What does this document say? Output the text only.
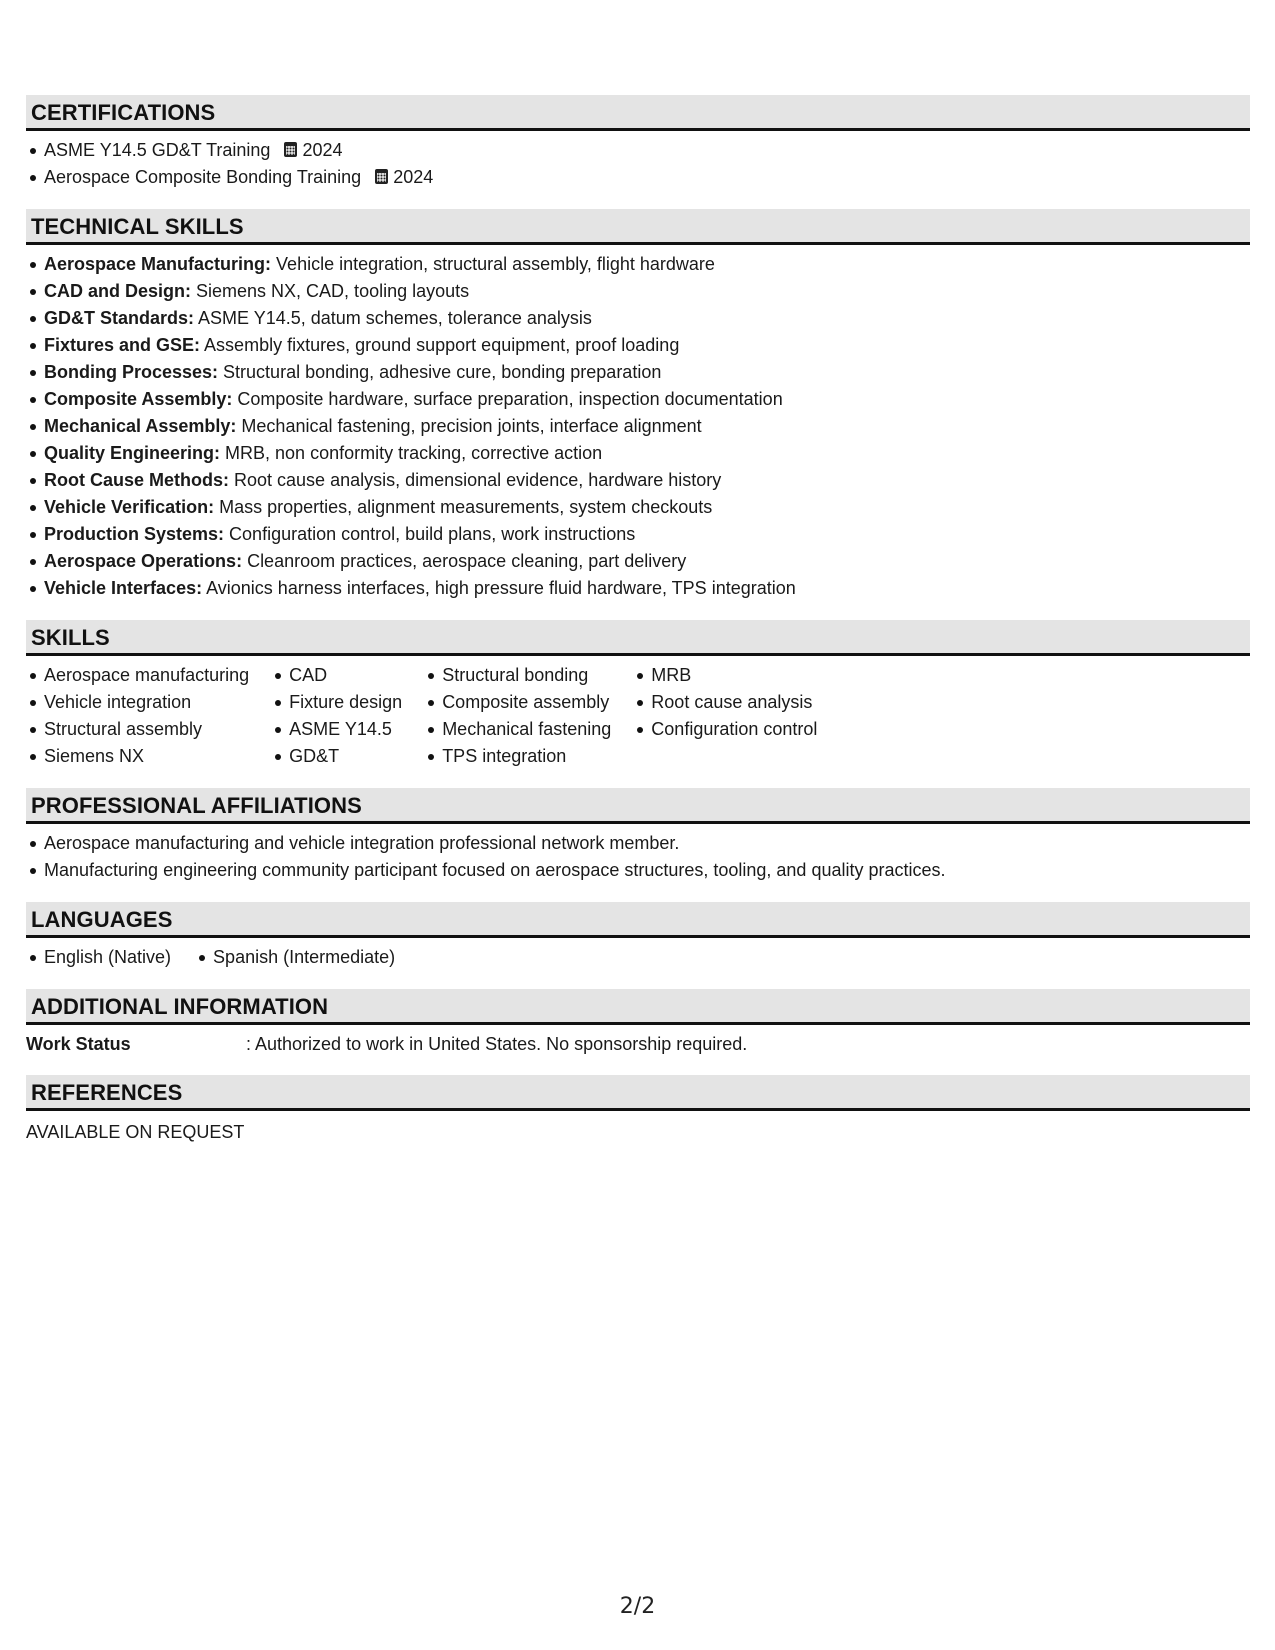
CERTIFICATIONS
ASME Y14.5 GD&T Training 2024
Aerospace Composite Bonding Training 2024
TECHNICAL SKILLS
Aerospace Manufacturing: Vehicle integration, structural assembly, flight hardware
CAD and Design: Siemens NX, CAD, tooling layouts
GD&T Standards: ASME Y14.5, datum schemes, tolerance analysis
Fixtures and GSE: Assembly fixtures, ground support equipment, proof loading
Bonding Processes: Structural bonding, adhesive cure, bonding preparation
Composite Assembly: Composite hardware, surface preparation, inspection documentation
Mechanical Assembly: Mechanical fastening, precision joints, interface alignment
Quality Engineering: MRB, non conformity tracking, corrective action
Root Cause Methods: Root cause analysis, dimensional evidence, hardware history
Vehicle Verification: Mass properties, alignment measurements, system checkouts
Production Systems: Configuration control, build plans, work instructions
Aerospace Operations: Cleanroom practices, aerospace cleaning, part delivery
Vehicle Interfaces: Avionics harness interfaces, high pressure fluid hardware, TPS integration
SKILLS
Aerospace manufacturing
Vehicle integration
Structural assembly
Siemens NX
CAD
Fixture design
ASME Y14.5
GD&T
Structural bonding
Composite assembly
Mechanical fastening
TPS integration
MRB
Root cause analysis
Configuration control
PROFESSIONAL AFFILIATIONS
Aerospace manufacturing and vehicle integration professional network member.
Manufacturing engineering community participant focused on aerospace structures, tooling, and quality practices.
LANGUAGES
English (Native)	Spanish (Intermediate)
ADDITIONAL INFORMATION
Work Status	: Authorized to work in United States. No sponsorship required.
REFERENCES
AVAILABLE ON REQUEST
2/2
